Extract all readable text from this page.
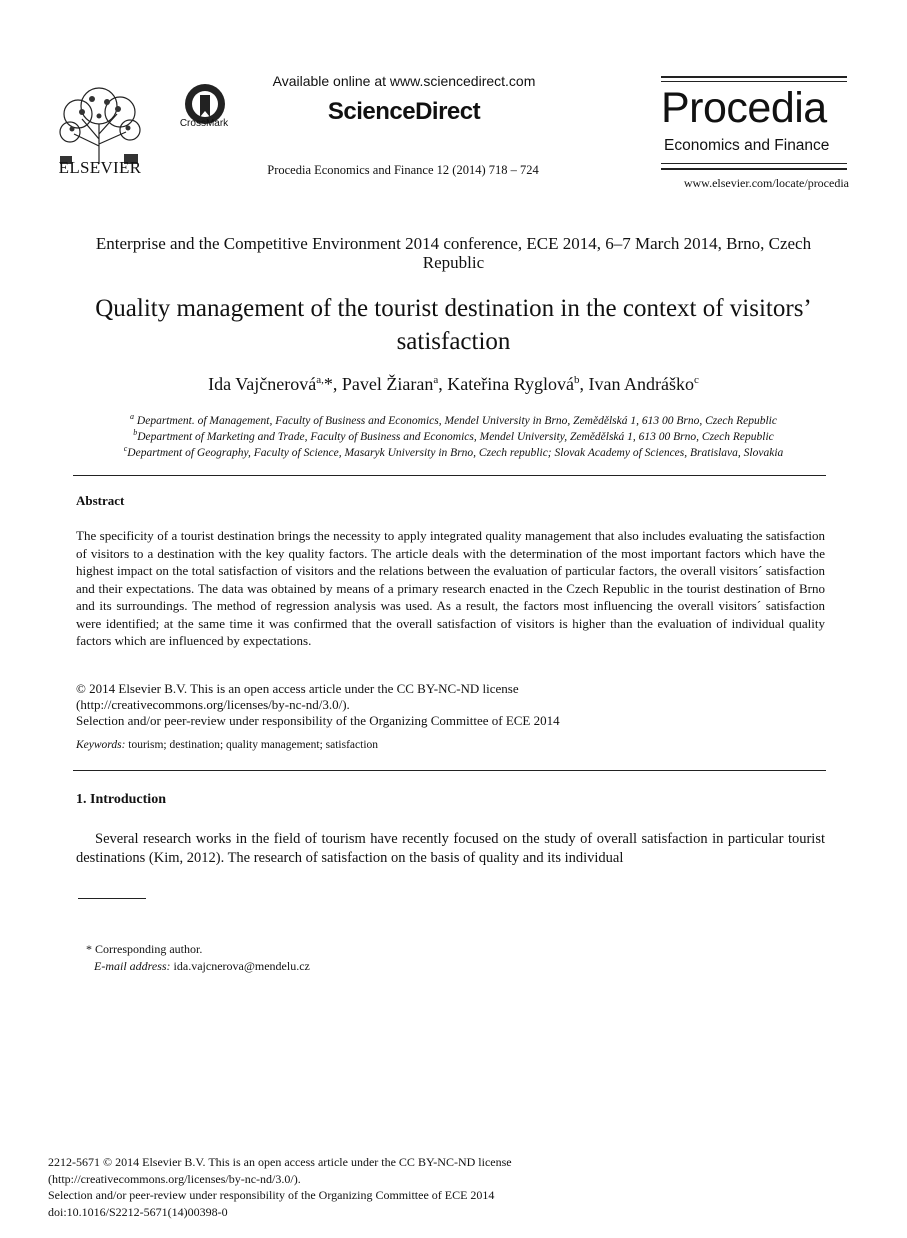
ELSEVIER
CrossMark
Available online at www.sciencedirect.com
ScienceDirect
Procedia Economics and Finance 12 (2014) 718 – 724
Procedia
Economics and Finance
www.elsevier.com/locate/procedia
Enterprise and the Competitive Environment 2014 conference, ECE 2014, 6–7 March 2014, Brno, Czech Republic
Quality management of the tourist destination in the context of visitors’ satisfaction
Ida Vajčnerová$^{a,}$*, Pavel Žiaran$^a$, Kateřina Ryglová$^b$, Ivan Andráško$^c$
$^a$ Department. of Management, Faculty of Business and Economics, Mendel University in Brno, Zemědělská 1, 613 00 Brno, Czech Republic
$^b$Department of Marketing and Trade, Faculty of Business and Economics, Mendel University, Zemědělská 1, 613 00 Brno, Czech Republic
$^c$Department of Geography, Faculty of Science, Masaryk University in Brno, Czech republic; Slovak Academy of Sciences, Bratislava, Slovakia
Abstract
The specificity of a tourist destination brings the necessity to apply integrated quality management that also includes evaluating the satisfaction of visitors to a destination with the key quality factors. The article deals with the determination of the most important factors which have the highest impact on the total satisfaction of visitors and the relations between the evaluation of particular factors, the overall visitors´ satisfaction and their expectations. The data was obtained by means of a primary research enacted in the Czech Republic in the tourist destination of Brno and its surroundings. The method of regression analysis was used. As a result, the factors most influencing the overall visitors´ satisfaction were identified; at the same time it was confirmed that the overall satisfaction of visitors is higher than the evaluation of individual quality factors which are influenced by expectations.
© 2014 Elsevier B.V. This is an open access article under the CC BY-NC-ND license
(http://creativecommons.org/licenses/by-nc-nd/3.0/).
Selection and/or peer-review under responsibility of the Organizing Committee of ECE 2014
Keywords: tourism; destination; quality management; satisfaction
1. Introduction
Several research works in the field of tourism have recently focused on the study of overall satisfaction in particular tourist destinations (Kim, 2012). The research of satisfaction on the basis of quality and its individual
* Corresponding author.
E-mail address: ida.vajcnerova@mendelu.cz
2212-5671 © 2014 Elsevier B.V. This is an open access article under the CC BY-NC-ND license
(http://creativecommons.org/licenses/by-nc-nd/3.0/).
Selection and/or peer-review under responsibility of the Organizing Committee of ECE 2014
doi:10.1016/S2212-5671(14)00398-0
